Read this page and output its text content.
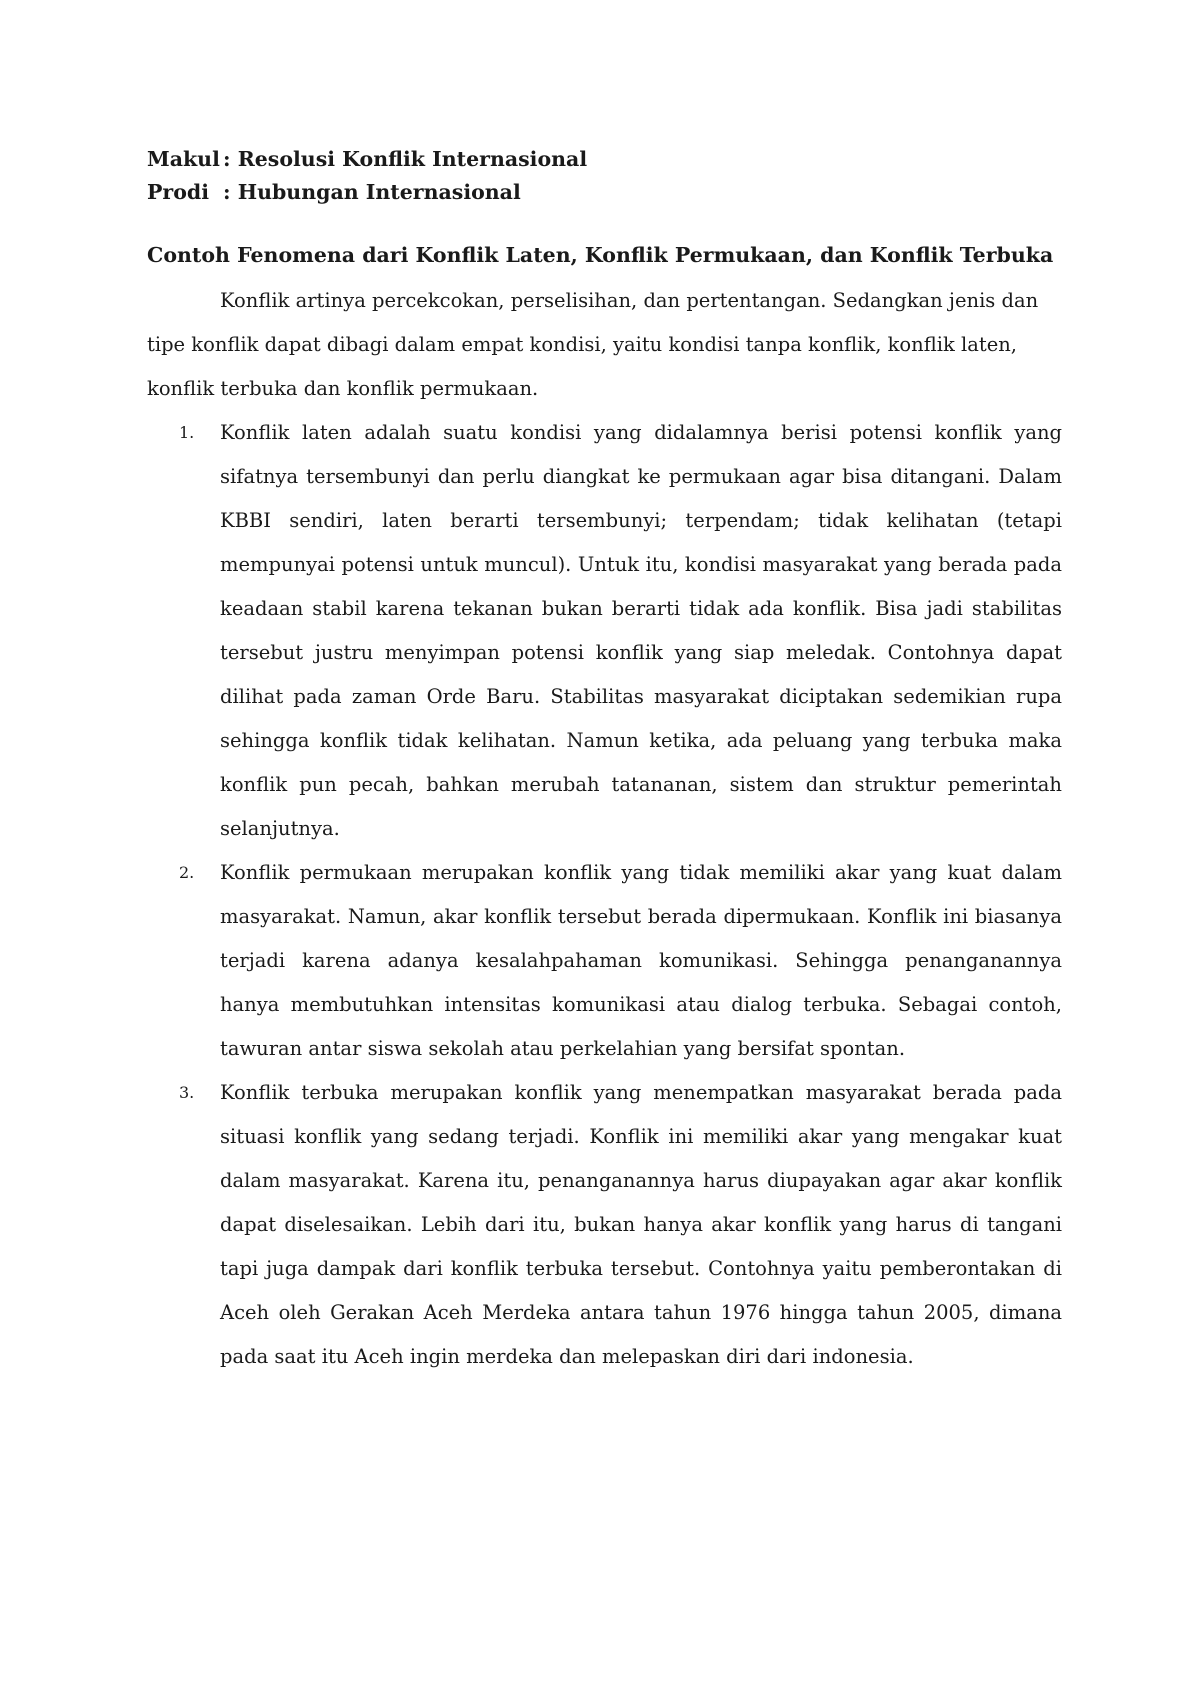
Makul : Resolusi Konflik Internasional
Prodi : Hubungan Internasional
Contoh Fenomena dari Konflik Laten, Konflik Permukaan, dan Konflik Terbuka

Konflik artinya percekcokan, perselisihan, dan pertentangan. Sedangkan jenis dan tipe konflik dapat dibagi dalam empat kondisi, yaitu kondisi tanpa konflik, konflik laten, konflik terbuka dan konflik permukaan.

1. Konflik laten adalah suatu kondisi yang didalamnya berisi potensi konflik yang sifatnya tersembunyi dan perlu diangkat ke permukaan agar bisa ditangani. Dalam KBBI sendiri, laten berarti tersembunyi; terpendam; tidak kelihatan (tetapi mempunyai potensi untuk muncul). Untuk itu, kondisi masyarakat yang berada pada keadaan stabil karena tekanan bukan berarti tidak ada konflik. Bisa jadi stabilitas tersebut justru menyimpan potensi konflik yang siap meledak. Contohnya dapat dilihat pada zaman Orde Baru. Stabilitas masyarakat diciptakan sedemikian rupa sehingga konflik tidak kelihatan. Namun ketika, ada peluang yang terbuka maka konflik pun pecah, bahkan merubah tatananan, sistem dan struktur pemerintah selanjutnya.
2. Konflik permukaan merupakan konflik yang tidak memiliki akar yang kuat dalam masyarakat. Namun, akar konflik tersebut berada dipermukaan. Konflik ini biasanya terjadi karena adanya kesalahpahaman komunikasi. Sehingga penanganannya hanya membutuhkan intensitas komunikasi atau dialog terbuka. Sebagai contoh, tawuran antar siswa sekolah atau perkelahian yang bersifat spontan.
3. Konflik terbuka merupakan konflik yang menempatkan masyarakat berada pada situasi konflik yang sedang terjadi. Konflik ini memiliki akar yang mengakar kuat dalam masyarakat. Karena itu, penanganannya harus diupayakan agar akar konflik dapat diselesaikan. Lebih dari itu, bukan hanya akar konflik yang harus di tangani tapi juga dampak dari konflik terbuka tersebut. Contohnya yaitu pemberontakan di Aceh oleh Gerakan Aceh Merdeka antara tahun 1976 hingga tahun 2005, dimana pada saat itu Aceh ingin merdeka dan melepaskan diri dari indonesia.
